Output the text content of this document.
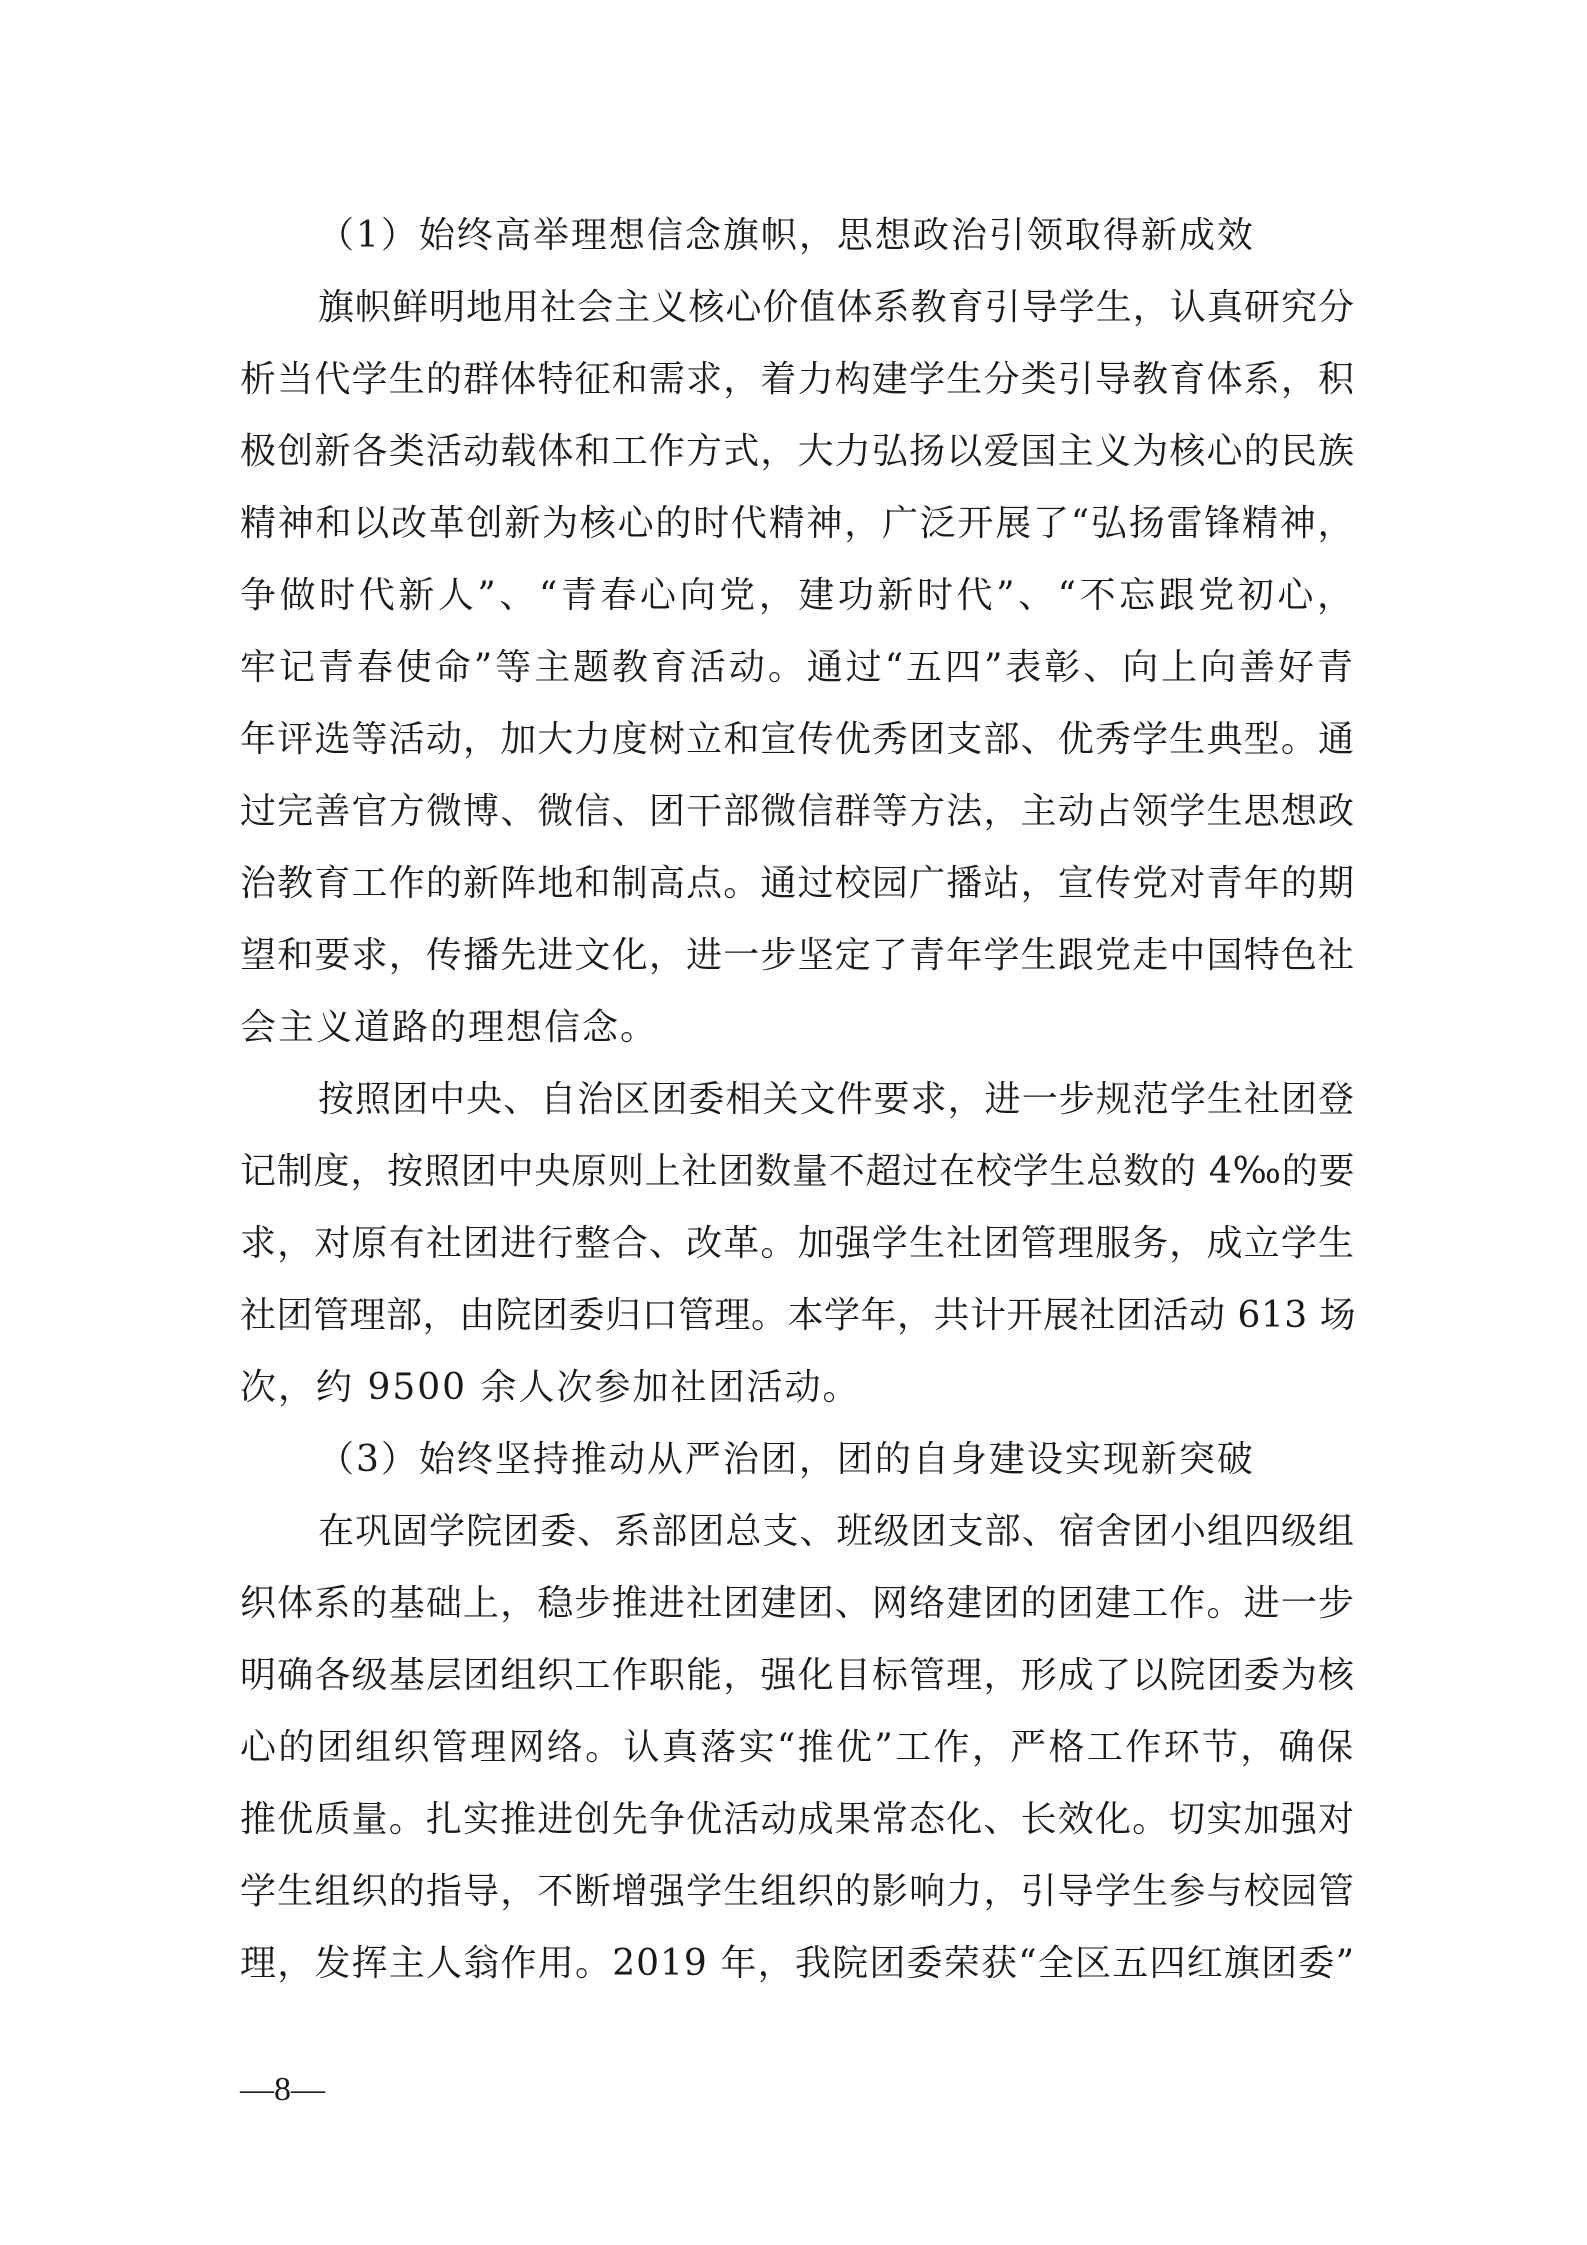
（1）始终高举理想信念旗帜，思想政治引领取得新成效
旗帜鲜明地用社会主义核心价值体系教育引导学生，认真研究分
析当代学生的群体特征和需求，着力构建学生分类引导教育体系，积
极创新各类活动载体和工作方式，大力弘扬以爱国主义为核心的民族
精神和以改革创新为核心的时代精神，广泛开展了“弘扬雷锋精神，
争做时代新人”、“青春心向党，建功新时代”、“不忘跟党初心，
牢记青春使命”等主题教育活动。通过“五四”表彰、向上向善好青
年评选等活动，加大力度树立和宣传优秀团支部、优秀学生典型。通
过完善官方微博、微信、团干部微信群等方法，主动占领学生思想政
治教育工作的新阵地和制高点。通过校园广播站，宣传党对青年的期
望和要求，传播先进文化，进一步坚定了青年学生跟党走中国特色社
会主义道路的理想信念。
按照团中央、自治区团委相关文件要求，进一步规范学生社团登
记制度，按照团中央原则上社团数量不超过在校学生总数的 4‰的要
求，对原有社团进行整合、改革。加强学生社团管理服务，成立学生
社团管理部，由院团委归口管理。本学年，共计开展社团活动 613 场
次，约 9500 余人次参加社团活动。
（3）始终坚持推动从严治团，团的自身建设实现新突破
在巩固学院团委、系部团总支、班级团支部、宿舍团小组四级组
织体系的基础上，稳步推进社团建团、网络建团的团建工作。进一步
明确各级基层团组织工作职能，强化目标管理，形成了以院团委为核
心的团组织管理网络。认真落实“推优”工作，严格工作环节，确保
推优质量。扎实推进创先争优活动成果常态化、长效化。切实加强对
学生组织的指导，不断增强学生组织的影响力，引导学生参与校园管
理，发挥主人翁作用。2019 年，我院团委荣获“全区五四红旗团委”
—8—
